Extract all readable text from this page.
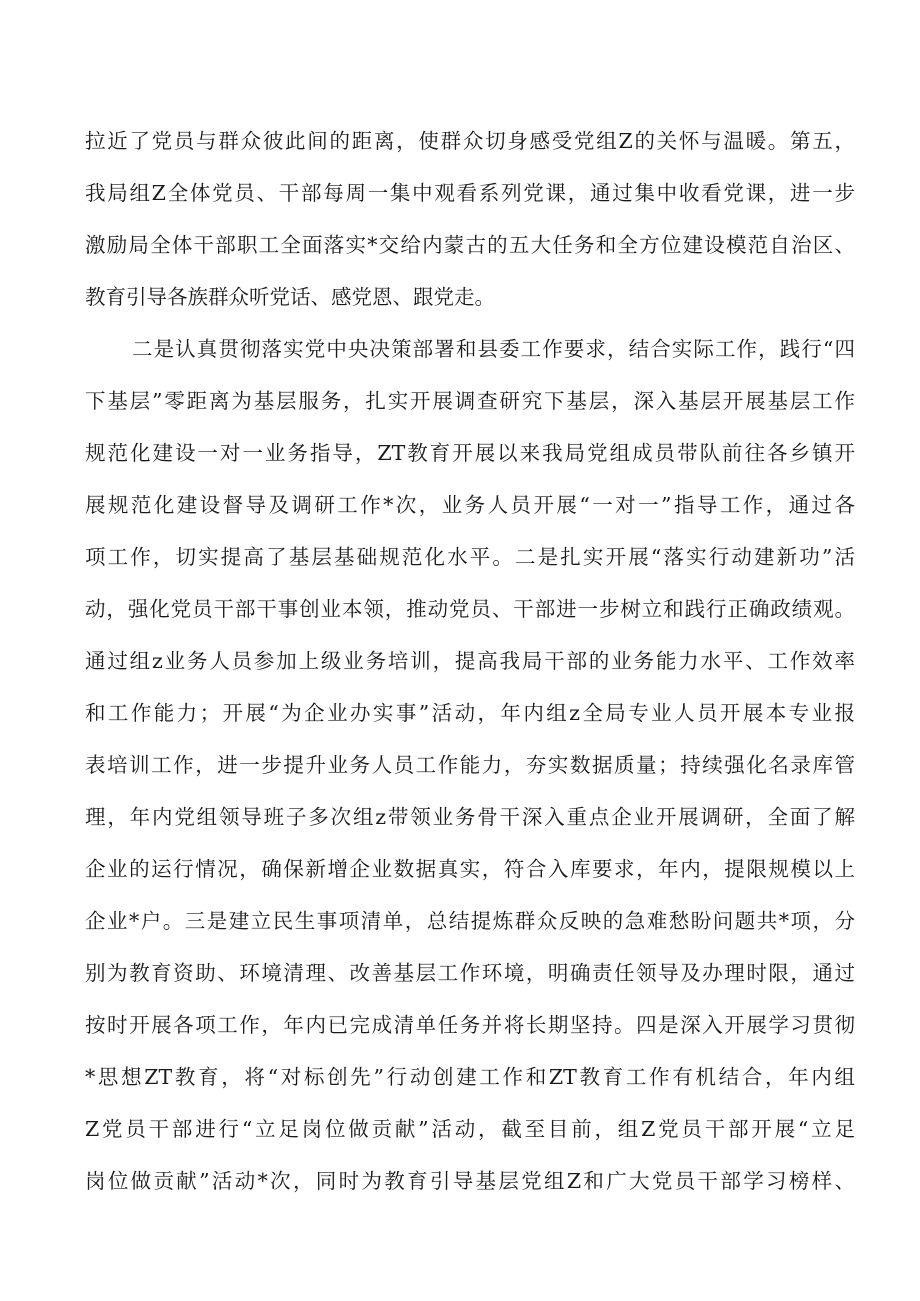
拉近了党员与群众彼此间的距离，使群众切身感受党组Z的关怀与温暖。第五，
我局组Z全体党员、干部每周一集中观看系列党课，通过集中收看党课，进一步
激励局全体干部职工全面落实*交给内蒙古的五大任务和全方位建设模范自治区、
教育引导各族群众听党话、感党恩、跟党走。
二是认真贯彻落实党中央决策部署和县委工作要求，结合实际工作，践行“四
下基层”零距离为基层服务，扎实开展调查研究下基层，深入基层开展基层工作
规范化建设一对一业务指导，ZT教育开展以来我局党组成员带队前往各乡镇开
展规范化建设督导及调研工作*次，业务人员开展“一对一”指导工作，通过各
项工作，切实提高了基层基础规范化水平。二是扎实开展“落实行动建新功”活
动，强化党员干部干事创业本领，推动党员、干部进一步树立和践行正确政绩观。
通过组z业务人员参加上级业务培训，提高我局干部的业务能力水平、工作效率
和工作能力；开展“为企业办实事”活动，年内组z全局专业人员开展本专业报
表培训工作，进一步提升业务人员工作能力，夯实数据质量；持续强化名录库管
理，年内党组领导班子多次组z带领业务骨干深入重点企业开展调研，全面了解
企业的运行情况，确保新增企业数据真实，符合入库要求，年内，提限规模以上
企业*户。三是建立民生事项清单，总结提炼群众反映的急难愁盼问题共*项，分
别为教育资助、环境清理、改善基层工作环境，明确责任领导及办理时限，通过
按时开展各项工作，年内已完成清单任务并将长期坚持。四是深入开展学习贯彻
*思想ZT教育，将“对标创先”行动创建工作和ZT教育工作有机结合，年内组
Z党员干部进行“立足岗位做贡献”活动，截至目前，组Z党员干部开展“立足
岗位做贡献”活动*次，同时为教育引导基层党组Z和广大党员干部学习榜样、
